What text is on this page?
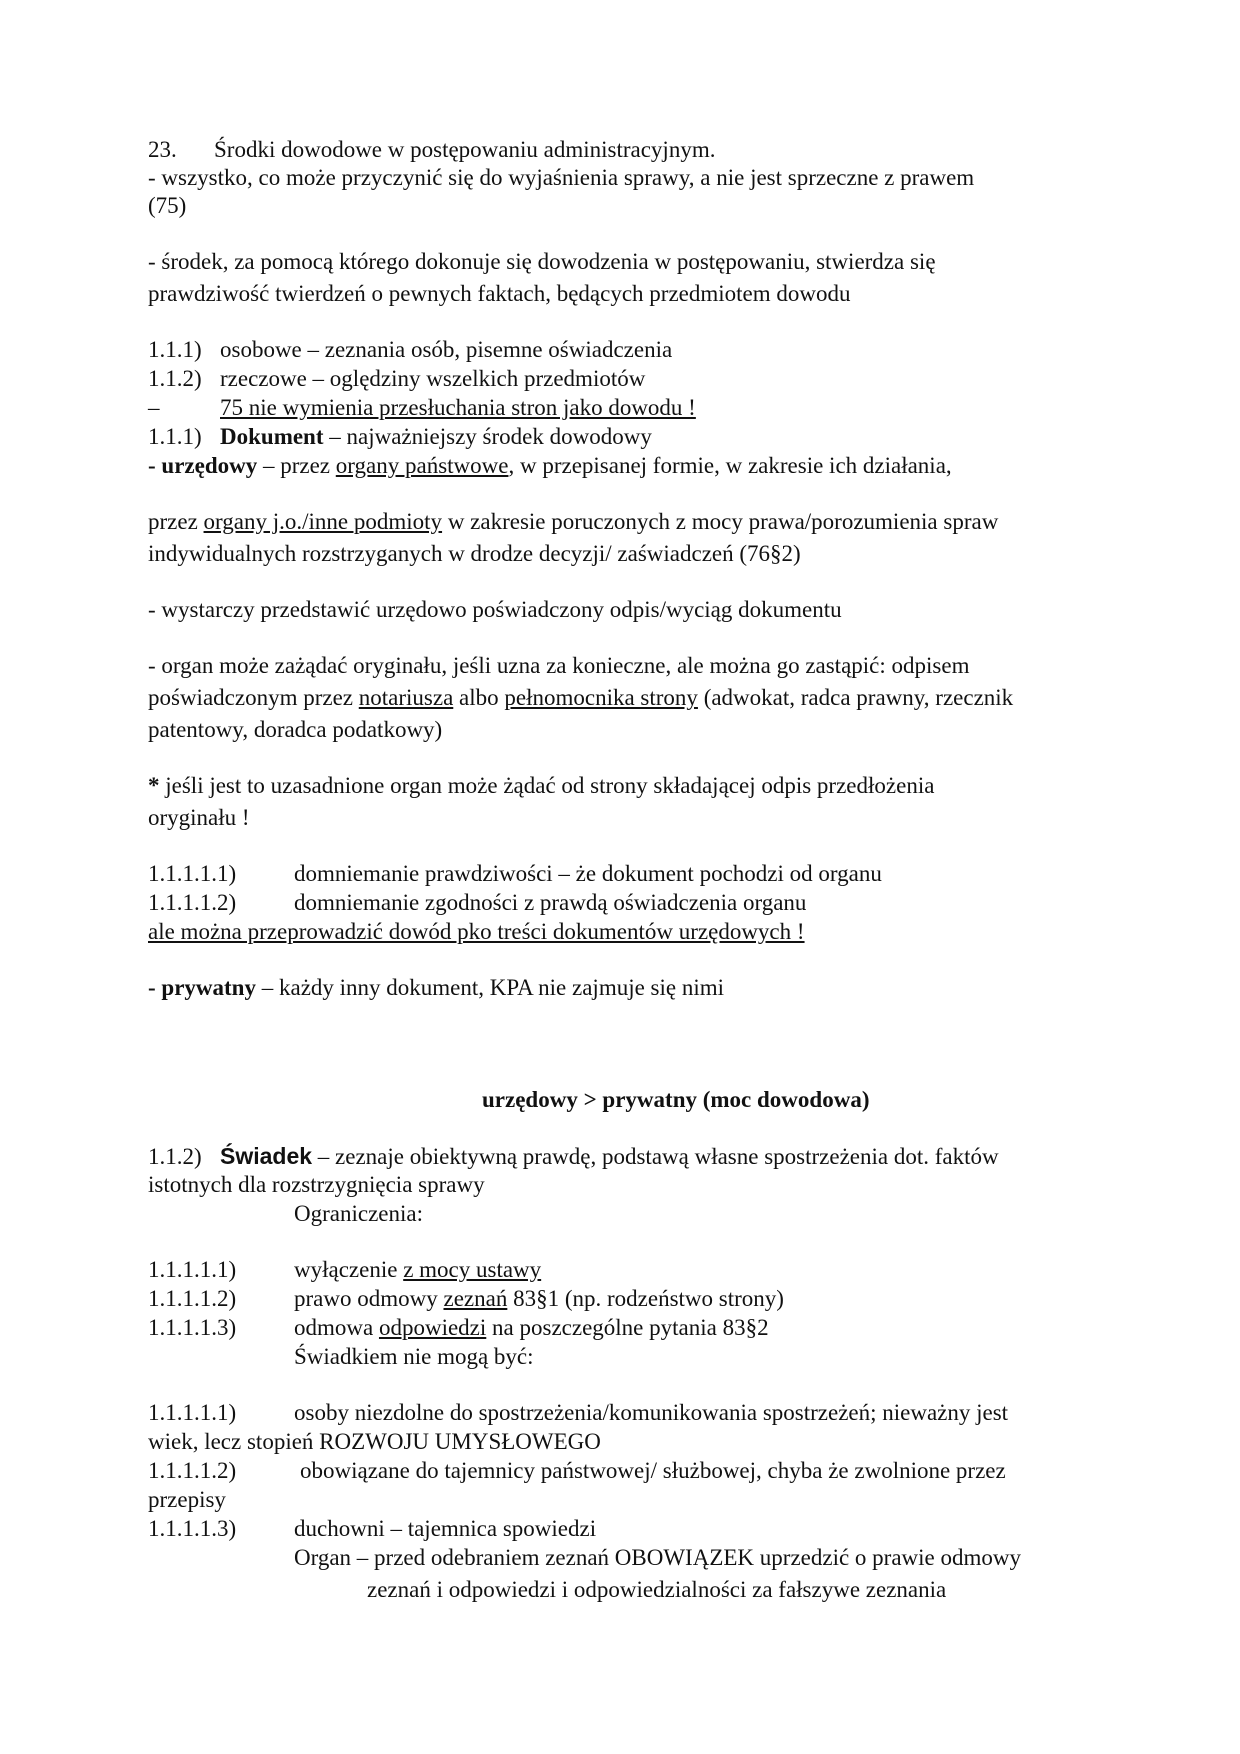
23. Środki dowodowe w postępowaniu administracyjnym.
- wszystko, co może przyczynić się do wyjaśnienia sprawy, a nie jest sprzeczne z prawem
(75)
- środek, za pomocą którego dokonuje się dowodzenia w postępowaniu, stwierdza się
prawdziwość twierdzeń o pewnych faktach, będących przedmiotem dowodu
1.1.1) osobowe – zeznania osób, pisemne oświadczenia
1.1.2) rzeczowe – oględziny wszelkich przedmiotów
–	75 nie wymienia przesłuchania stron jako dowodu !
1.1.1) Dokument – najważniejszy środek dowodowy
- urzędowy – przez organy państwowe, w przepisanej formie, w zakresie ich działania,
przez organy j.o./inne podmioty w zakresie poruczonych z mocy prawa/porozumienia spraw
indywidualnych rozstrzyganych w drodze decyzji/ zaświadczeń (76§2)
- wystarczy przedstawić urzędowo poświadczony odpis/wyciąg dokumentu
- organ może zażądać oryginału, jeśli uzna za konieczne, ale można go zastąpić: odpisem
poświadczonym przez notariusza albo pełnomocnika strony (adwokat, radca prawny, rzecznik
patentowy, doradca podatkowy)
* jeśli jest to uzasadnione organ może żądać od strony składającej odpis przedłożenia
oryginału !
1.1.1.1.1)	domniemanie prawdziwości – że dokument pochodzi od organu
1.1.1.1.2)	domniemanie zgodności z prawdą oświadczenia organu
ale można przeprowadzić dowód pko treści dokumentów urzędowych !
- prywatny – każdy inny dokument, KPA nie zajmuje się nimi
urzędowy > prywatny (moc dowodowa)
1.1.2) Świadek – zeznaje obiektywną prawdę, podstawą własne spostrzeżenia dot. faktów
istotnych dla rozstrzygnięcia sprawy
Ograniczenia:
1.1.1.1.1)	wyłączenie z mocy ustawy
1.1.1.1.2)	prawo odmowy zeznań 83§1 (np. rodzeństwo strony)
1.1.1.1.3)	odmowa odpowiedzi na poszczególne pytania 83§2
Świadkiem nie mogą być:
1.1.1.1.1)	osoby niezdolne do spostrzeżenia/komunikowania spostrzeżeń; nieważny jest
wiek, lecz stopień ROZWOJU UMYSŁOWEGO
1.1.1.1.2)	obowiązane do tajemnicy państwowej/ służbowej, chyba że zwolnione przez
przepisy
1.1.1.1.3)	duchowni – tajemnica spowiedzi
Organ – przed odebraniem zeznań OBOWIĄZEK uprzedzić o prawie odmowy
zeznań i odpowiedzi i odpowiedzialności za fałszywe zeznania
